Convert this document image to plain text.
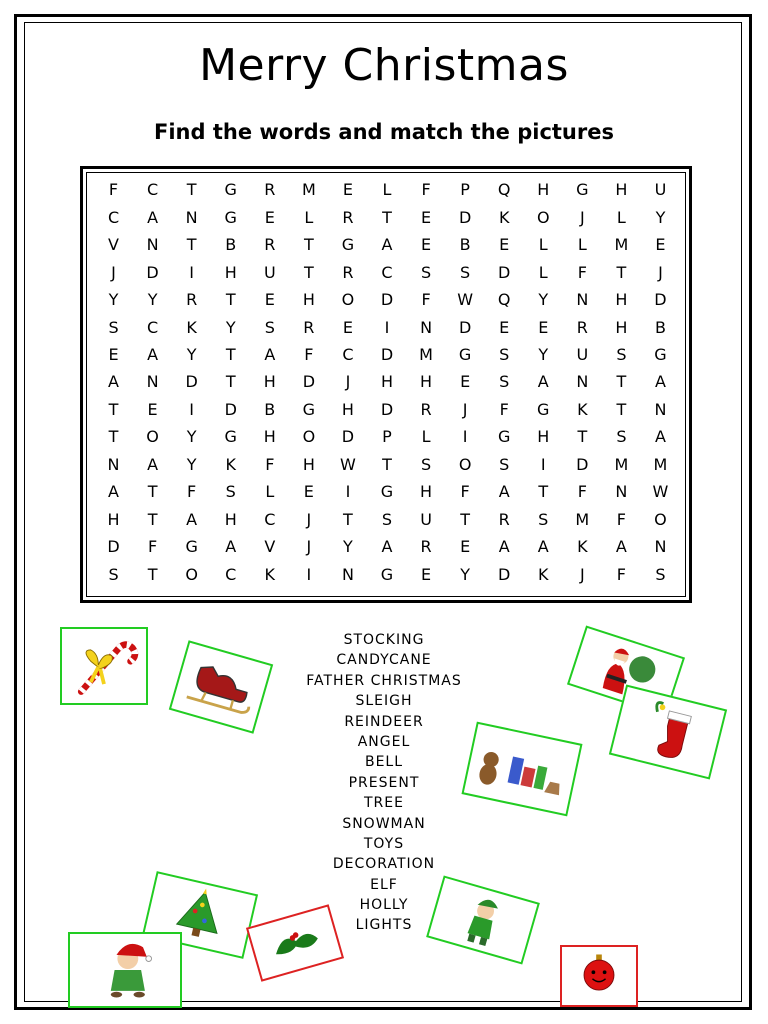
Merry Christmas
Find the words and match the pictures
F	C	T	G	R	M	E	L	F	P	Q	H	G	H	U
C	A	N	G	E	L	R	T	E	D	K	O	J	L	Y
V	N	T	B	R	T	G	A	E	B	E	L	L	M	E
J	D	I	H	U	T	R	C	S	S	D	L	F	T	J
Y	Y	R	T	E	H	O	D	F	W	Q	Y	N	H	D
S	C	K	Y	S	R	E	I	N	D	E	E	R	H	B
E	A	Y	T	A	F	C	D	M	G	S	Y	U	S	G
A	N	D	T	H	D	J	H	H	E	S	A	N	T	A
T	E	I	D	B	G	H	D	R	J	F	G	K	T	N
T	O	Y	G	H	O	D	P	L	I	G	H	T	S	A
N	A	Y	K	F	H	W	T	S	O	S	I	D	M	M
A	T	F	S	L	E	I	G	H	F	A	T	F	N	W
H	T	A	H	C	J	T	S	U	T	R	S	M	F	O
D	F	G	A	V	J	Y	A	R	E	A	A	K	A	N
S	T	O	C	K	I	N	G	E	Y	D	K	J	F	S
STOCKING
CANDYCANE
FATHER CHRISTMAS
SLEIGH
REINDEER
ANGEL
BELL
PRESENT
TREE
SNOWMAN
TOYS
DECORATION
ELF
HOLLY
LIGHTS
